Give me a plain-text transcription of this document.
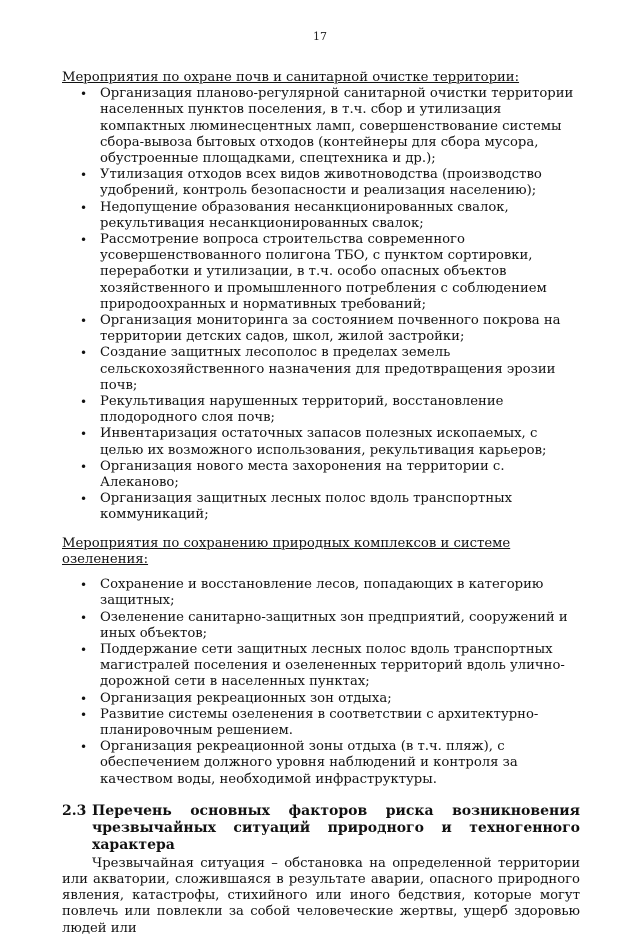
17

Мероприятия по охране почв и санитарной очистке территории:

• Организация планово-регулярной санитарной очистки территории населенных пунктов поселения, в т.ч. сбор и утилизация компактных люминесцентных ламп, совершенствование системы сбора-вывоза бытовых отходов (контейнеры для сбора мусора, обустроенные площадками, спецтехника и др.);
• Утилизация отходов всех видов животноводства (производство удобрений, контроль безопасности и реализация населению);
• Недопущение образования несанкционированных свалок, рекультивация несанкционированных свалок;
• Рассмотрение вопроса строительства современного усовершенствованного полигона ТБО, с пунктом сортировки, переработки и утилизации, в т.ч. особо опасных объектов хозяйственного и промышленного потребления с соблюдением природоохранных и нормативных требований;
• Организация мониторинга за состоянием почвенного покрова на территории детских садов, школ, жилой застройки;
• Создание защитных лесополос в пределах земель сельскохозяйственного назначения для предотвращения эрозии почв;
• Рекультивация нарушенных территорий, восстановление плодородного слоя почв;
• Инвентаризация остаточных запасов полезных ископаемых, с целью их возможного использования, рекультивация карьеров;
• Организация нового места захоронения на территории с. Алеканово;
• Организация защитных лесных полос вдоль транспортных коммуникаций;

Мероприятия по сохранению природных комплексов и системе озеленения:

• Сохранение и восстановление лесов, попадающих в категорию защитных;
• Озеленение санитарно-защитных зон предприятий, сооружений и иных объектов;
• Поддержание сети защитных лесных полос вдоль транспортных магистралей поселения и озелененных территорий вдоль улично-дорожной сети в населенных пунктах;
• Организация рекреационных зон отдыха;
• Развитие системы озеленения в соответствии с архитектурно-планировочным решением.
• Организация рекреационной зоны отдыха (в т.ч. пляж), с обеспечением должного уровня наблюдений и контроля за качеством воды, необходимой инфраструктуры.
2.3 Перечень основных факторов риска возникновения чрезвычайных ситуаций природного и техногенного характера

Чрезвычайная ситуация – обстановка на определенной территории или акватории, сложившаяся в результате аварии, опасного природного явления, катастрофы, стихийного или иного бедствия, которые могут повлечь или повлекли за собой человеческие жертвы, ущерб здоровью людей или
